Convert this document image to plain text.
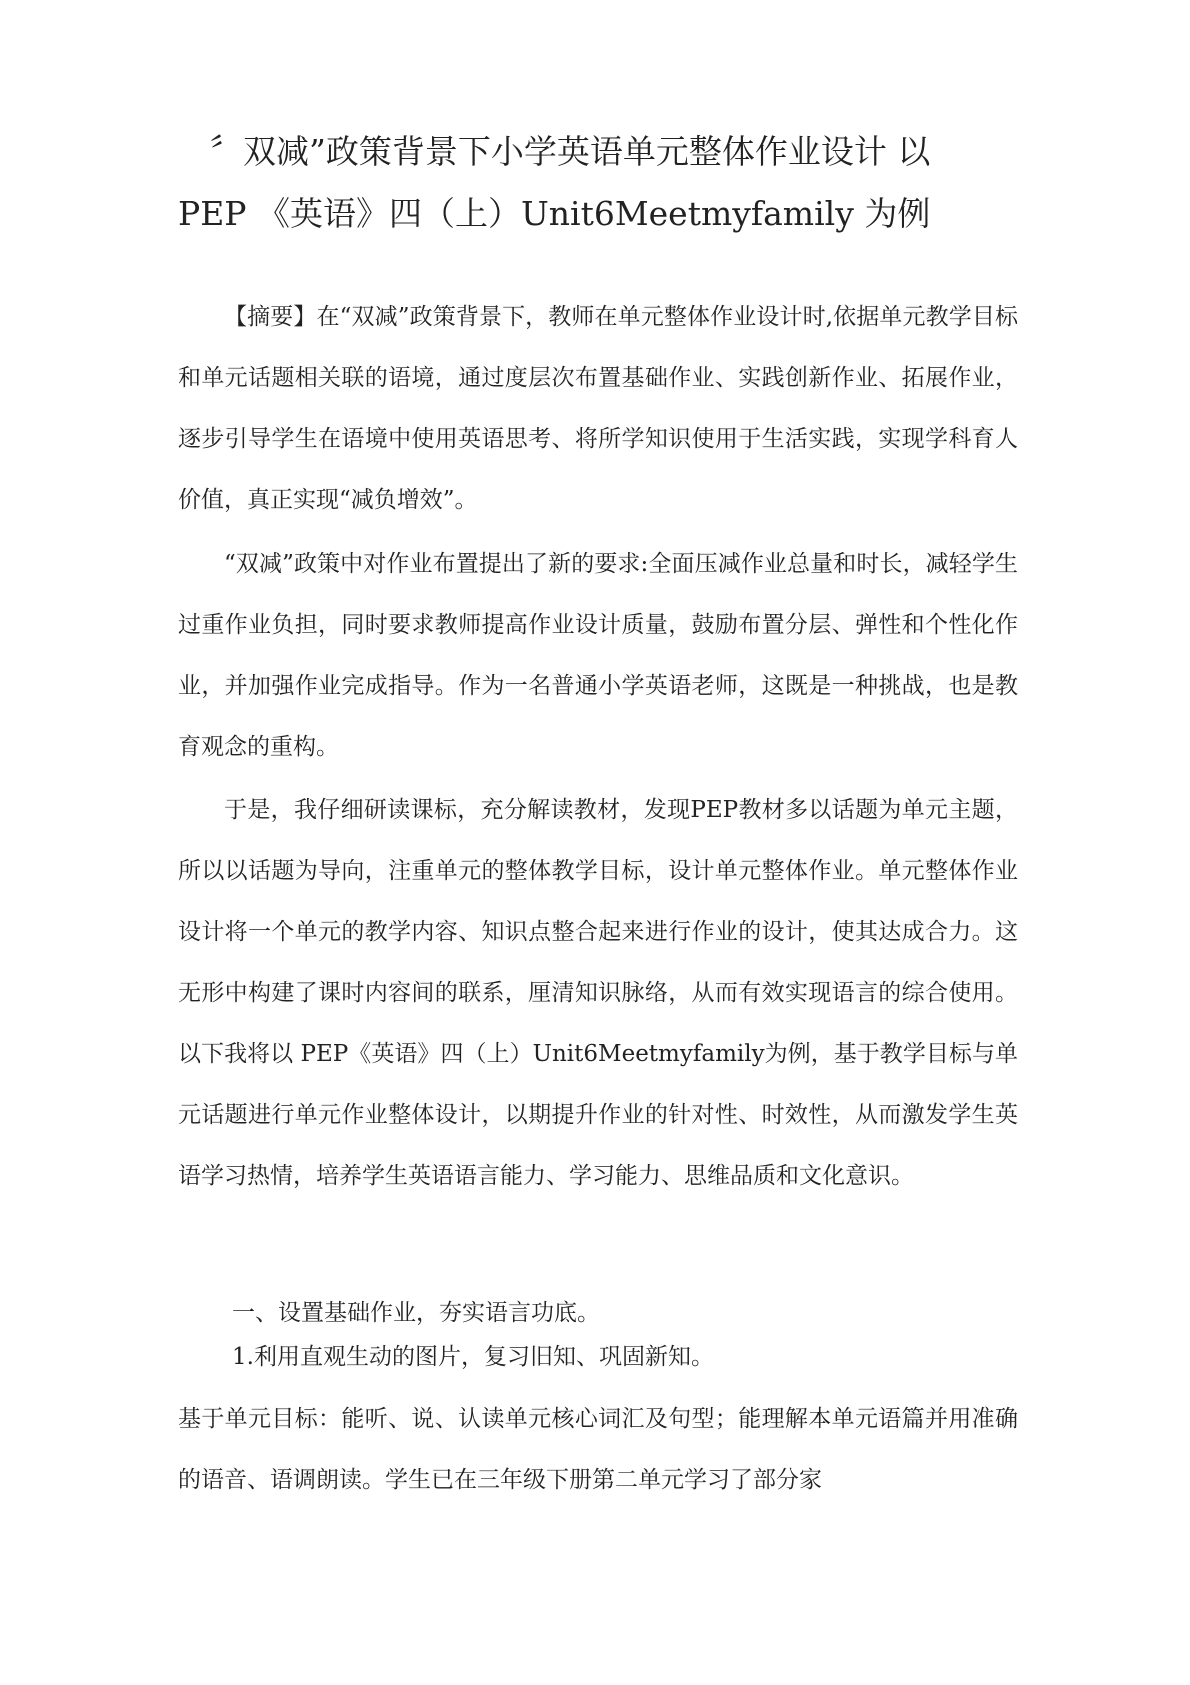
〞双减”政策背景下小学英语单元整体作业设计 以
PEP 《英语》四（上）Unit6Meetmyfamily 为例

【摘要】在“双减”政策背景下，教师在单元整体作业设计时,依据单元教学目标和单元话题相关联的语境，通过度层次布置基础作业、实践创新作业、拓展作业，逐步引导学生在语境中使用英语思考、将所学知识使用于生活实践，实现学科育人价值，真正实现“减负增效”。

“双减”政策中对作业布置提出了新的要求:全面压减作业总量和时长，减轻学生过重作业负担，同时要求教师提高作业设计质量，鼓励布置分层、弹性和个性化作业，并加强作业完成指导。作为一名普通小学英语老师，这既是一种挑战，也是教育观念的重构。

于是，我仔细研读课标，充分解读教材，发现PEP教材多以话题为单元主题，所以以话题为导向，注重单元的整体教学目标，设计单元整体作业。单元整体作业设计将一个单元的教学内容、知识点整合起来进行作业的设计，使其达成合力。这无形中构建了课时内容间的联系，厘清知识脉络，从而有效实现语言的综合使用。以下我将以 PEP《英语》四（上）Unit6Meetmyfamily为例，基于教学目标与单元话题进行单元作业整体设计，以期提升作业的针对性、时效性，从而激发学生英语学习热情，培养学生英语语言能力、学习能力、思维品质和文化意识。

一、设置基础作业，夯实语言功底。
1.利用直观生动的图片，复习旧知、巩固新知。

基于单元目标：能听、说、认读单元核心词汇及句型；能理解本单元语篇并用准确的语音、语调朗读。学生已在三年级下册第二单元学习了部分家
